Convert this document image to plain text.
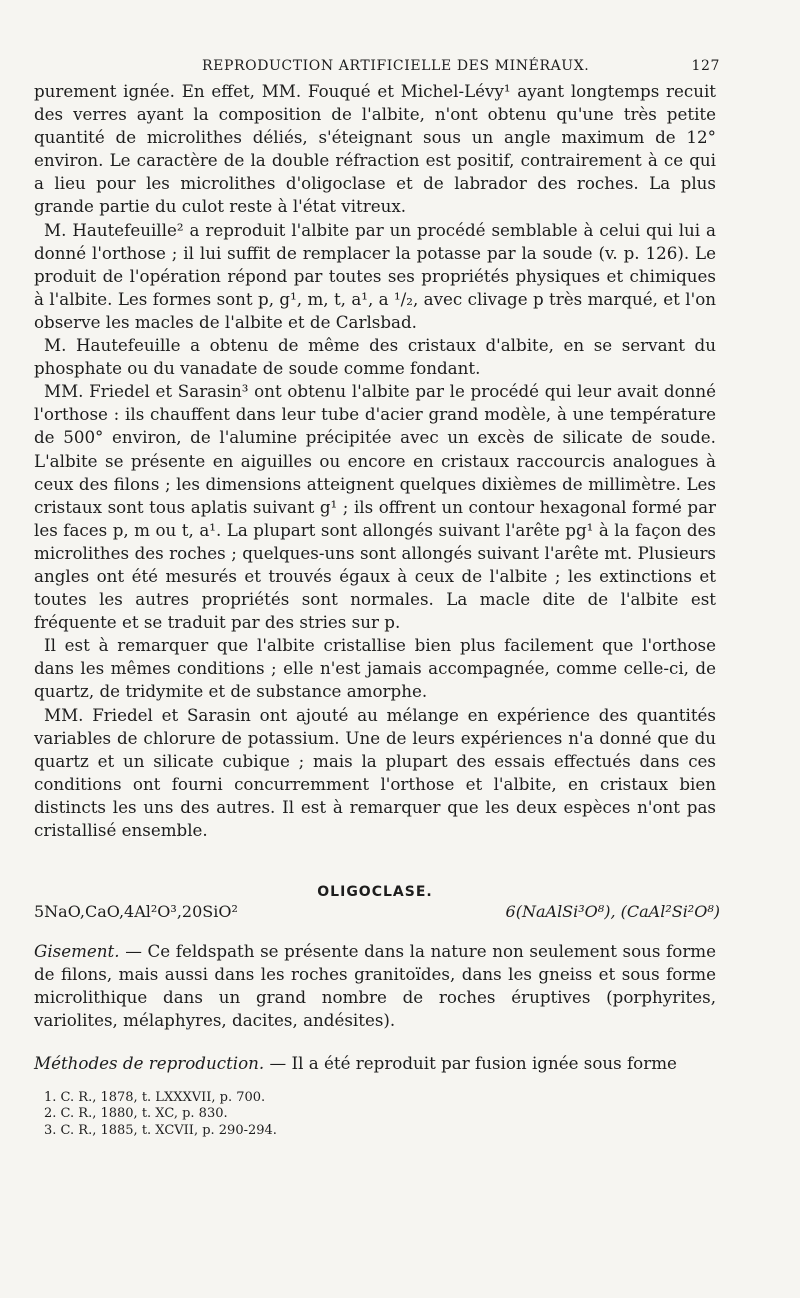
REPRODUCTION ARTIFICIELLE DES MINÉRAUX.	127

purement ignée. En effet, MM. Fouqué et Michel-Lévy¹ ayant longtemps recuit des verres ayant la composition de l'albite, n'ont obtenu qu'une très petite quantité de microlithes déliés, s'éteignant sous un angle maximum de 12° environ. Le caractère de la double réfraction est positif, contrairement à ce qui a lieu pour les microlithes d'oligoclase et de labrador des roches. La plus grande partie du culot reste à l'état vitreux.

M. Hautefeuille² a reproduit l'albite par un procédé semblable à celui qui lui a donné l'orthose ; il lui suffit de remplacer la potasse par la soude (v. p. 126). Le produit de l'opération répond par toutes ses propriétés physiques et chimiques à l'albite. Les formes sont p, g¹, m, t, a¹, a ¹/₂, avec clivage p très marqué, et l'on observe les macles de l'albite et de Carlsbad.

M. Hautefeuille a obtenu de même des cristaux d'albite, en se servant du phosphate ou du vanadate de soude comme fondant.

MM. Friedel et Sarasin³ ont obtenu l'albite par le procédé qui leur avait donné l'orthose : ils chauffent dans leur tube d'acier grand modèle, à une température de 500° environ, de l'alumine précipitée avec un excès de silicate de soude. L'albite se présente en aiguilles ou encore en cristaux raccourcis analogues à ceux des filons ; les dimensions atteignent quelques dixièmes de millimètre. Les cristaux sont tous aplatis suivant g¹ ; ils offrent un contour hexagonal formé par les faces p, m ou t, a¹. La plupart sont allongés suivant l'arête pg¹ à la façon des microlithes des roches ; quelques-uns sont allongés suivant l'arête mt. Plusieurs angles ont été mesurés et trouvés égaux à ceux de l'albite ; les extinctions et toutes les autres propriétés sont normales. La macle dite de l'albite est fréquente et se traduit par des stries sur p.

Il est à remarquer que l'albite cristallise bien plus facilement que l'orthose dans les mêmes conditions ; elle n'est jamais accompagnée, comme celle-ci, de quartz, de tridymite et de substance amorphe.

MM. Friedel et Sarasin ont ajouté au mélange en expérience des quantités variables de chlorure de potassium. Une de leurs expériences n'a donné que du quartz et un silicate cubique ; mais la plupart des essais effectués dans ces conditions ont fourni concurremment l'orthose et l'albite, en cristaux bien distincts les uns des autres. Il est à remarquer que les deux espèces n'ont pas cristallisé ensemble.

OLIGOCLASE.
5NaO,CaO,4Al²O³,20SiO²	6(NaAlSi³O⁸), (CaAl²Si²O⁸)

Gisement. — Ce feldspath se présente dans la nature non seulement sous forme de filons, mais aussi dans les roches granitoïdes, dans les gneiss et sous forme microlithique dans un grand nombre de roches éruptives (porphyrites, variolites, mélaphyres, dacites, andésites).

Méthodes de reproduction. — Il a été reproduit par fusion ignée sous forme

1. C. R., 1878, t. LXXXVII, p. 700.
2. C. R., 1880, t. XC, p. 830.
3. C. R., 1885, t. XCVII, p. 290-294.
